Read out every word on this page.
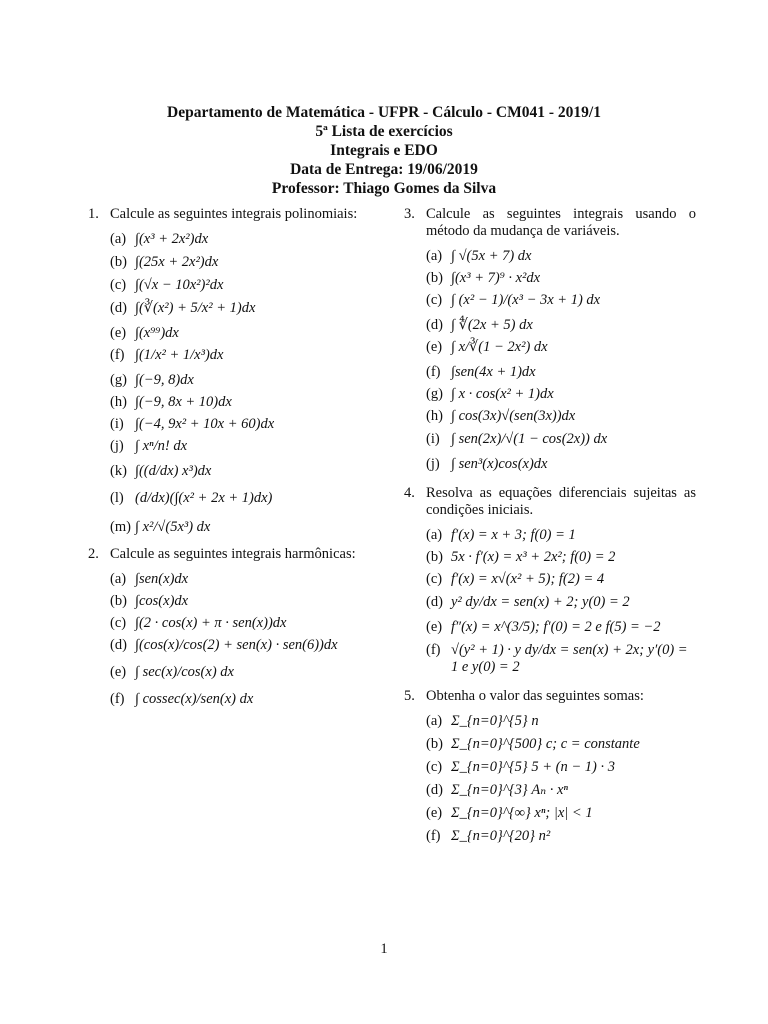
Departamento de Matemática - UFPR - Cálculo - CM041 - 2019/1
5ª Lista de exercícios
Integrais e EDO
Data de Entrega: 19/06/2019
Professor: Thiago Gomes da Silva
1. Calcule as seguintes integrais polinomiais:
(a) ∫(x³ + 2x²)dx
(b) ∫(25x + 2x²)dx
(c) ∫(√x − 10x²)²dx
(d) ∫(∛(x²) + 5/x² + 1)dx
(e) ∫(x⁹⁹)dx
(f) ∫(1/x² + 1/x³)dx
(g) ∫(−9, 8)dx
(h) ∫(−9, 8x + 10)dx
(i) ∫(−4, 9x² + 10x + 60)dx
(j) ∫ xⁿ/n! dx
(k) ∫((d/dx) x³)dx
(l) (d/dx)(∫(x² + 2x + 1)dx)
(m) ∫ x²/√(5x³) dx
2. Calcule as seguintes integrais harmônicas:
(a) ∫sen(x)dx
(b) ∫cos(x)dx
(c) ∫(2 · cos(x) + π · sen(x))dx
(d) ∫(cos(x)/cos(2) + sen(x) · sen(6))dx
(e) ∫ sec(x)/cos(x) dx
(f) ∫ cossec(x)/sen(x) dx
3. Calcule as seguintes integrais usando o método da mudança de variáveis.
(a) ∫ √(5x + 7) dx
(b) ∫(x³ + 7)⁹ · x²dx
(c) ∫ (x² − 1)/(x³ − 3x + 1) dx
(d) ∫ ∜(2x + 5) dx
(e) ∫ x/∛(1 − 2x²) dx
(f) ∫sen(4x + 1)dx
(g) ∫ x · cos(x² + 1)dx
(h) ∫ cos(3x)√(sen(3x))dx
(i) ∫ sen(2x)/√(1 − cos(2x)) dx
(j) ∫ sen³(x)cos(x)dx
4. Resolva as equações diferenciais sujeitas as condições iniciais.
(a) f′(x) = x + 3; f(0) = 1
(b) 5x · f′(x) = x³ + 2x²; f(0) = 2
(c) f′(x) = x√(x² + 5); f(2) = 4
(d) y² dy/dx = sen(x) + 2; y(0) = 2
(e) f″(x) = x^(3/5); f′(0) = 2 e f(5) = −2
(f) √(y² + 1) · y dy/dx = sen(x) + 2x; y′(0) = 1 e y(0) = 2
5. Obtenha o valor das seguintes somas:
(a) Σ_{n=0}^{5} n
(b) Σ_{n=0}^{500} c; c = constante
(c) Σ_{n=0}^{5} 5 + (n − 1) · 3
(d) Σ_{n=0}^{3} Aₙ · xⁿ
(e) Σ_{n=0}^{∞} xⁿ; |x| < 1
(f) Σ_{n=0}^{20} n²
1
